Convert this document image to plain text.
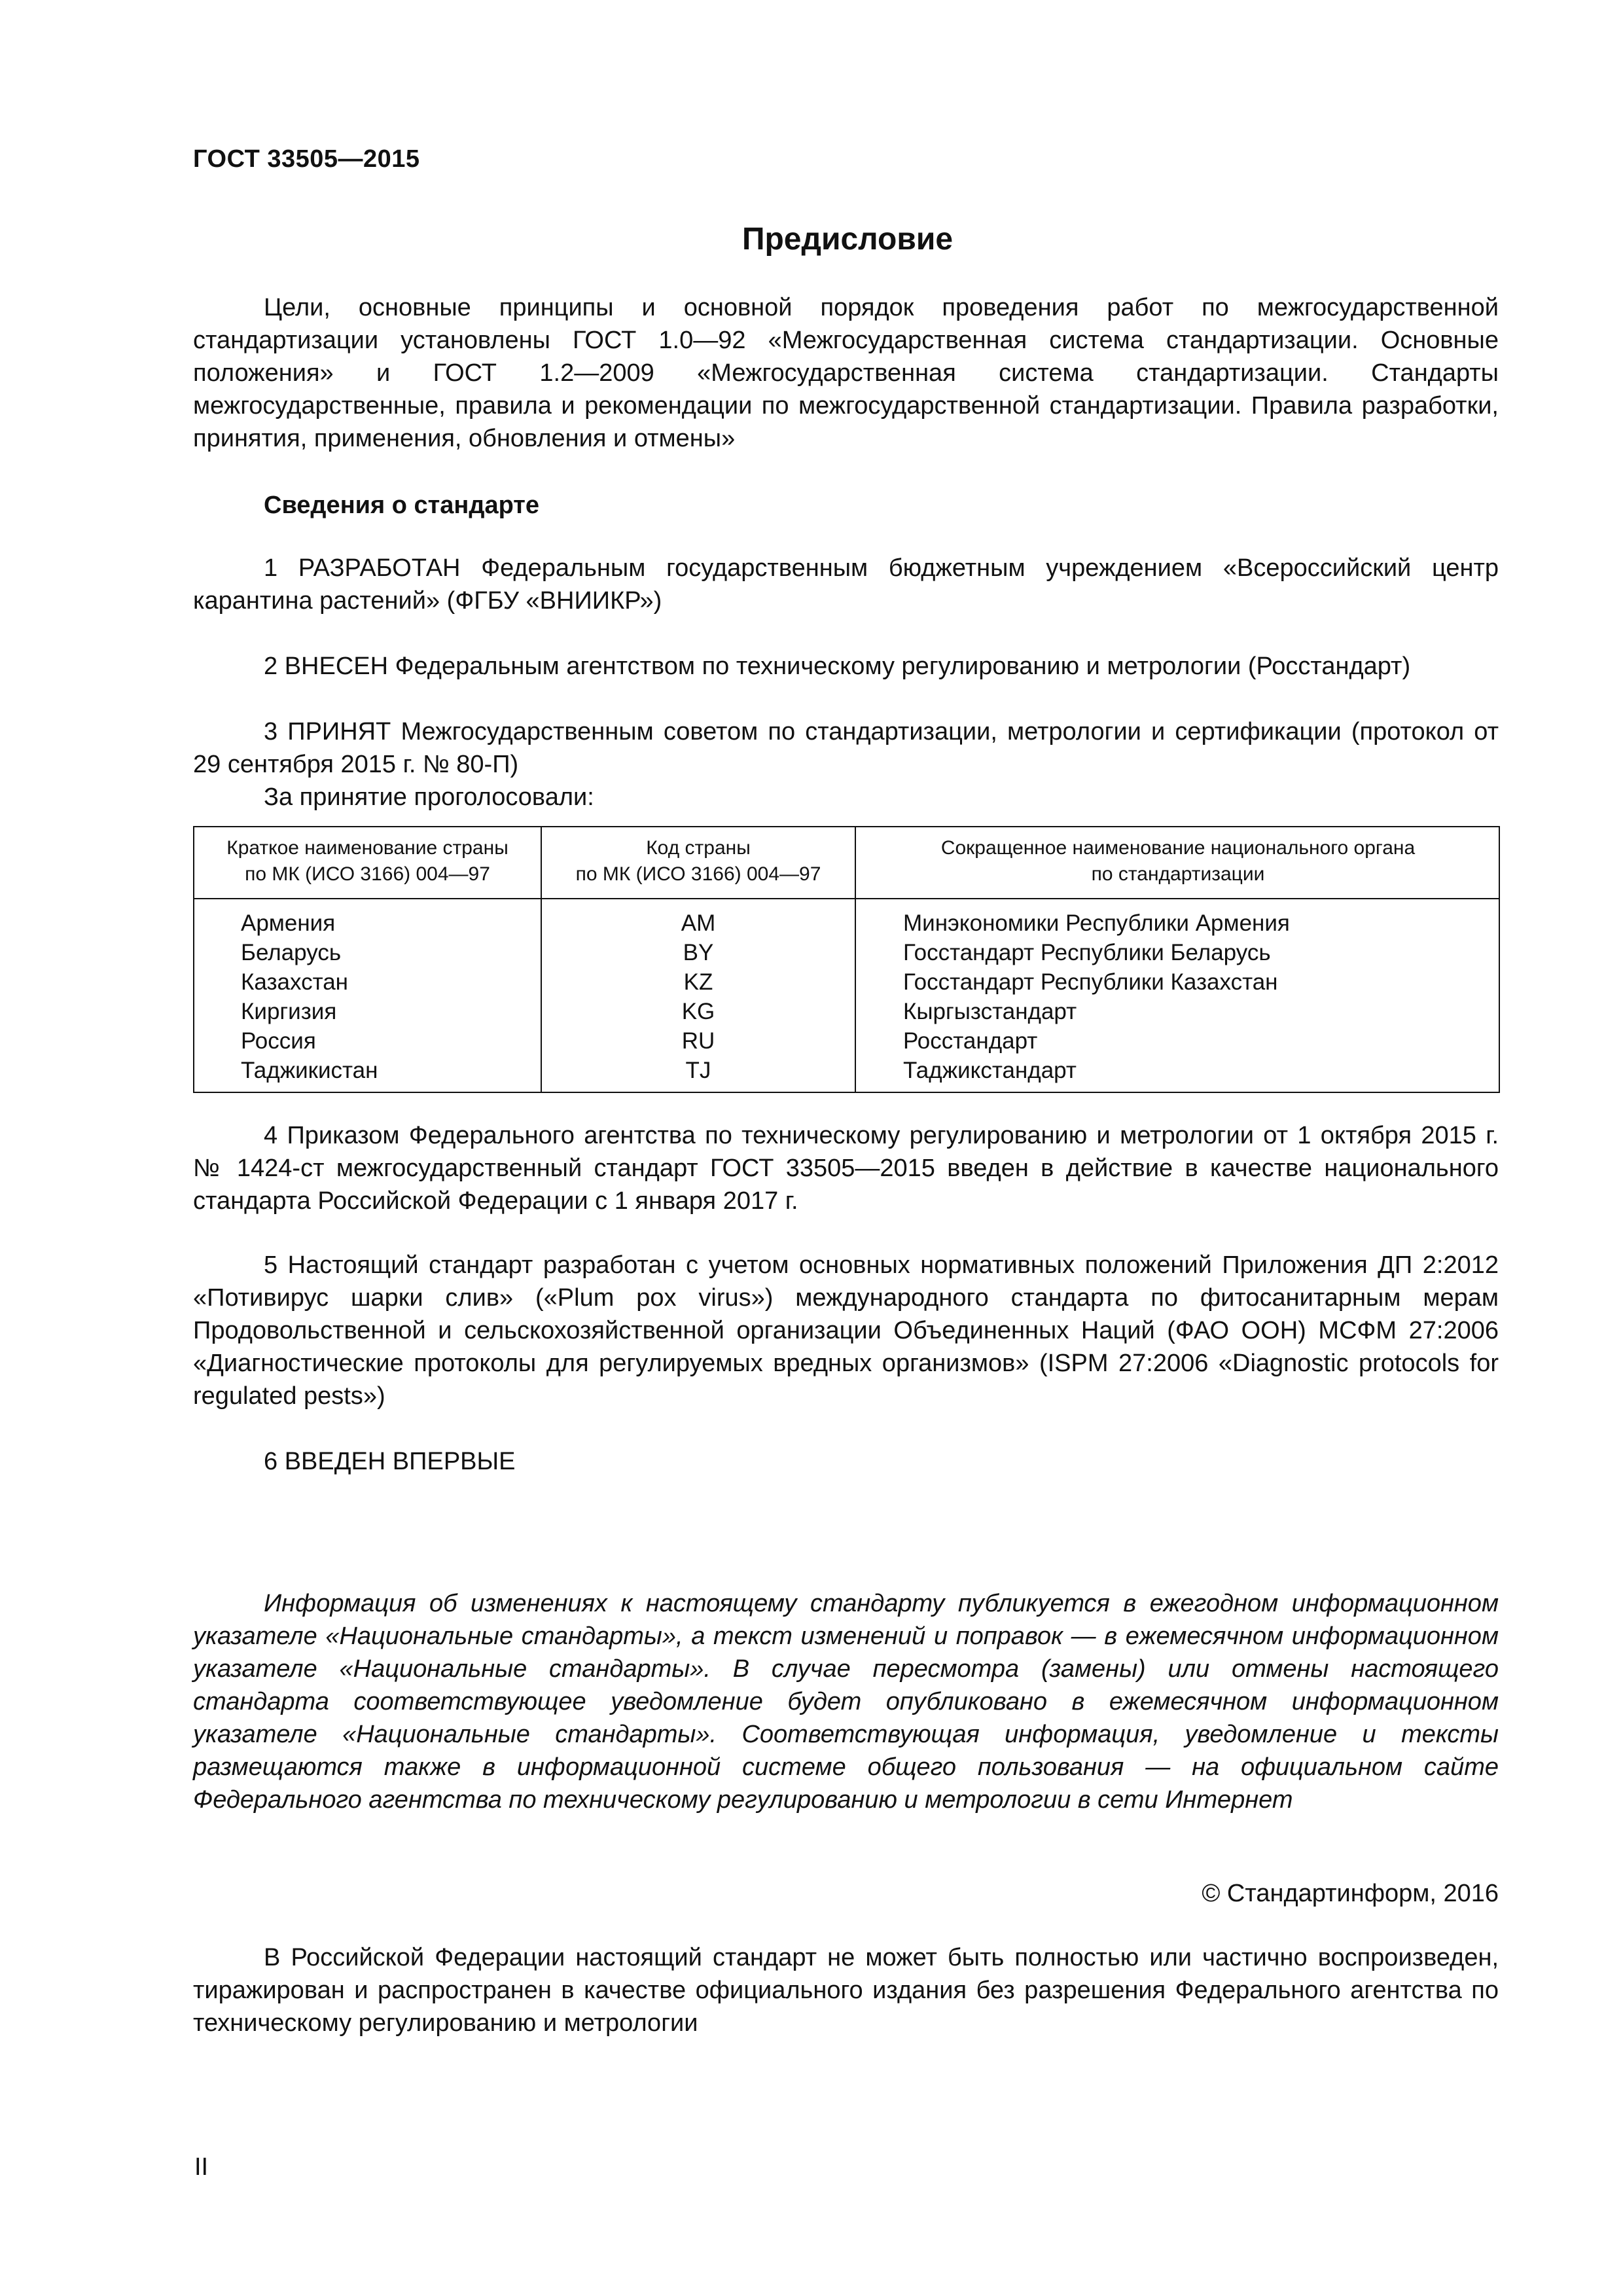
ГОСТ 33505—2015
Предисловие

Цели, основные принципы и основной порядок проведения работ по межгосударственной стандартизации установлены ГОСТ 1.0—92 «Межгосударственная система стандартизации. Основные положения» и ГОСТ 1.2—2009 «Межгосударственная система стандартизации. Стандарты межгосударственные, правила и рекомендации по межгосударственной стандартизации. Правила разработки, принятия, применения, обновления и отмены»

Сведения о стандарте

1 РАЗРАБОТАН Федеральным государственным бюджетным учреждением «Всероссийский центр карантина растений» (ФГБУ «ВНИИКР»)

2 ВНЕСЕН Федеральным агентством по техническому регулированию и метрологии (Росстандарт)

3 ПРИНЯТ Межгосударственным советом по стандартизации, метрологии и сертификации (протокол от 29 сентября 2015 г. № 80-П)

За принятие проголосовали:

Краткое наименование страны
по МК (ИСО 3166) 004—97
Код страны
по МК (ИСО 3166) 004—97
Сокращенное наименование национального органа
по стандартизации
Армения
Беларусь
Казахстан
Киргизия
Россия
Таджикистан
AM
BY
KZ
KG
RU
TJ
Минэкономики Республики Армения
Госстандарт Республики Беларусь
Госстандарт Республики Казахстан
Кыргызстандарт
Росстандарт
Таджикстандарт

4 Приказом Федерального агентства по техническому регулированию и метрологии от 1 октября 2015 г. № 1424-ст межгосударственный стандарт ГОСТ 33505—2015 введен в действие в качестве национального стандарта Российской Федерации с 1 января 2017 г.

5 Настоящий стандарт разработан с учетом основных нормативных положений Приложения ДП 2:2012 «Потивирус шарки слив» («Plum pox virus») международного стандарта по фитосанитарным мерам Продовольственной и сельскохозяйственной организации Объединенных Наций (ФАО ООН) МСФМ 27:2006 «Диагностические протоколы для регулируемых вредных организмов» (ISPM 27:2006 «Diagnostic protocols for regulated pests»)

6 ВВЕДЕН ВПЕРВЫЕ

Информация об изменениях к настоящему стандарту публикуется в ежегодном информационном указателе «Национальные стандарты», а текст изменений и поправок — в ежемесячном информационном указателе «Национальные стандарты». В случае пересмотра (замены) или отмены настоящего стандарта соответствующее уведомление будет опубликовано в ежемесячном информационном указателе «Национальные стандарты». Соответствующая информация, уведомление и тексты размещаются также в информационной системе общего пользования — на официальном сайте Федерального агентства по техническому регулированию и метрологии в сети Интернет

© Стандартинформ, 2016

В Российской Федерации настоящий стандарт не может быть полностью или частично воспроизведен, тиражирован и распространен в качестве официального издания без разрешения Федерального агентства по техническому регулированию и метрологии

II
